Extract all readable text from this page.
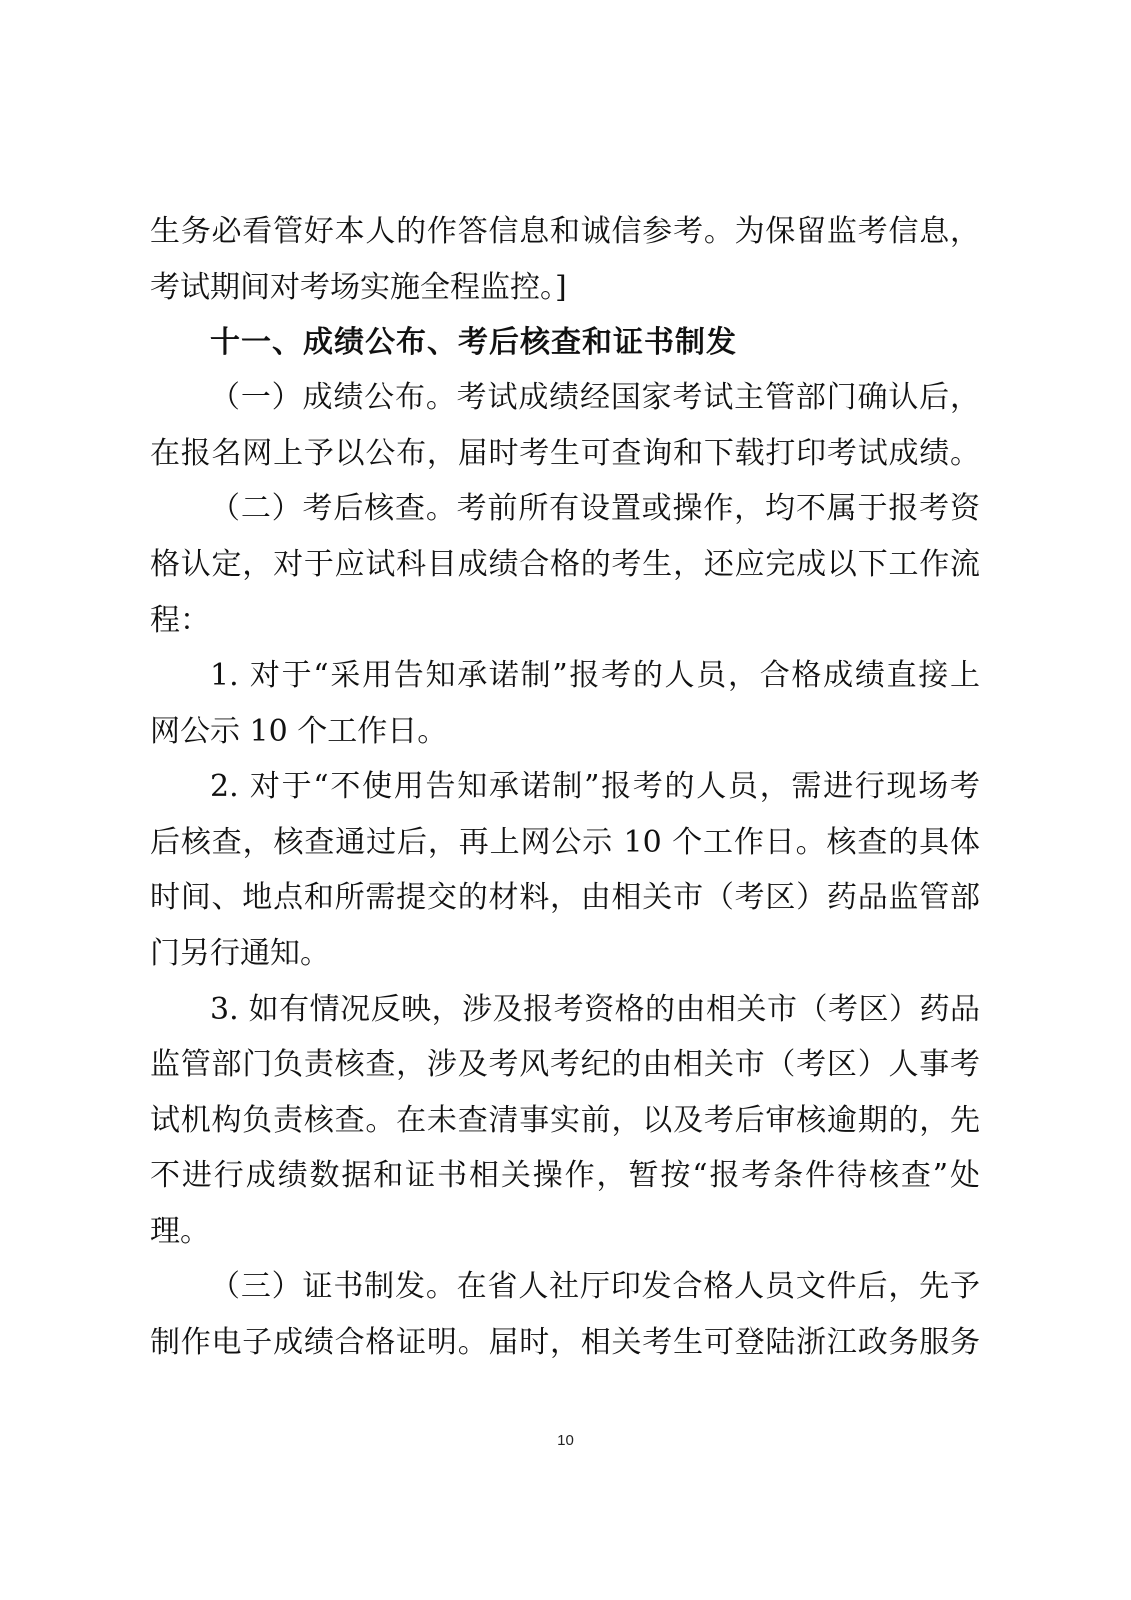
生务必看管好本人的作答信息和诚信参考。为保留监考信息，
考试期间对考场实施全程监控。]
十一、成绩公布、考后核查和证书制发
（一）成绩公布。考试成绩经国家考试主管部门确认后，
在报名网上予以公布，届时考生可查询和下载打印考试成绩。
（二）考后核查。考前所有设置或操作，均不属于报考资
格认定，对于应试科目成绩合格的考生，还应完成以下工作流
程：
1. 对于“采用告知承诺制”报考的人员，合格成绩直接上
网公示 10 个工作日。
2. 对于“不使用告知承诺制”报考的人员，需进行现场考
后核查，核查通过后，再上网公示 10 个工作日。核查的具体
时间、地点和所需提交的材料，由相关市（考区）药品监管部
门另行通知。
3. 如有情况反映，涉及报考资格的由相关市（考区）药品
监管部门负责核查，涉及考风考纪的由相关市（考区）人事考
试机构负责核查。在未查清事实前，以及考后审核逾期的，先
不进行成绩数据和证书相关操作，暂按“报考条件待核查”处
理。
（三）证书制发。在省人社厅印发合格人员文件后，先予
制作电子成绩合格证明。届时，相关考生可登陆浙江政务服务
10
